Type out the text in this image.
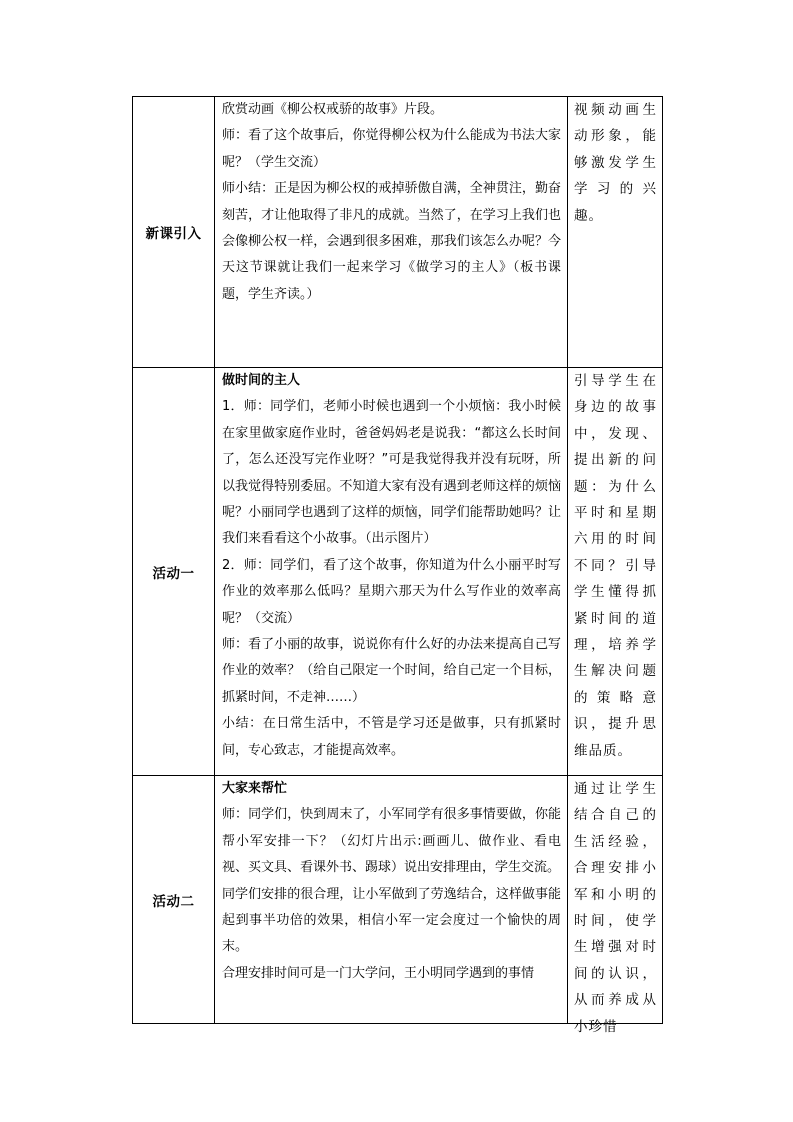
新课引入

欣赏动画《柳公权戒骄的故事》片段。

师：看了这个故事后，你觉得柳公权为什么能成为书法大家呢？（学生交流）

师小结：正是因为柳公权的戒掉骄傲自满，全神贯注，勤奋刻苦，才让他取得了非凡的成就。当然了，在学习上我们也会像柳公权一样，会遇到很多困难，那我们该怎么办呢？今天这节课就让我们一起来学习《做学习的主人》（板书课题，学生齐读。）

视频动画生动形象，能够激发学生学习的兴趣。
活动一

做时间的主人

1．师：同学们，老师小时候也遇到一个小烦恼：我小时候在家里做家庭作业时，爸爸妈妈老是说我：“都这么长时间了，怎么还没写完作业呀？”可是我觉得我并没有玩呀，所以我觉得特别委屈。不知道大家有没有遇到老师这样的烦恼呢？小丽同学也遇到了这样的烦恼，同学们能帮助她吗？让我们来看看这个小故事。（出示图片）

2．师：同学们，看了这个故事，你知道为什么小丽平时写作业的效率那么低吗？星期六那天为什么写作业的效率高呢？（交流）

师：看了小丽的故事，说说你有什么好的办法来提高自己写作业的效率？（给自己限定一个时间，给自己定一个目标，抓紧时间，不走神……）

小结：在日常生活中，不管是学习还是做事，只有抓紧时间，专心致志，才能提高效率。

引导学生在身边的故事中，发现、提出新的问题：为什么平时和星期六用的时间不同？引导学生懂得抓紧时间的道理，培养学生解决问题的策略意识，提升思维品质。
活动二

大家来帮忙

师：同学们，快到周末了，小军同学有很多事情要做，你能帮小军安排一下？（幻灯片出示:画画儿、做作业、看电视、买文具、看课外书、踢球）说出安排理由，学生交流。

同学们安排的很合理，让小军做到了劳逸结合，这样做事能起到事半功倍的效果，相信小军一定会度过一个愉快的周末。

合理安排时间可是一门大学问，王小明同学遇到的事情

通过让学生结合自己的生活经验，合理安排小军和小明的时间，使学生增强对时间的认识，从而养成从小珍惜
